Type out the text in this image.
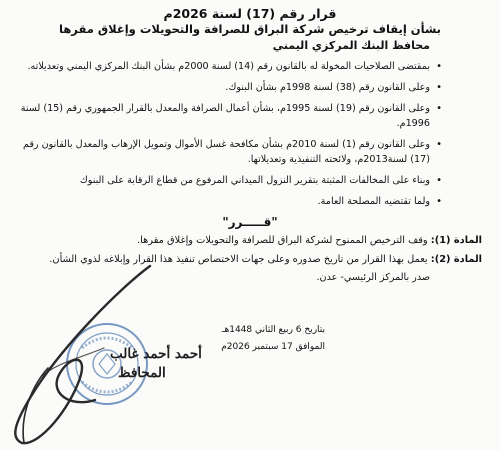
قرار رقم (17) لسنة 2026م
بشأن إيقاف ترخيص شركة البراق للصرافة والتحويلات وإغلاق مقرها
محافظ البنك المركزي اليمني
•
بمقتضى الصلاحيات المخولة له بالقانون رقم (14) لسنة 2000م بشأن البنك المركزي اليمني وتعديلاته.
•
وعلى القانون رقم (38) لسنة 1998م بشأن البنوك.
•
وعلى القانون رقم (19) لسنة 1995م، بشأن أعمال الصرافة والمعدل بالقرار الجمهوري رقم (15) لسنة 1996م.
•
وعلى القانون رقم (1) لسنة 2010م بشأن مكافحة غسل الأموال وتمويل الإرهاب والمعدل بالقانون رقم (17) لسنة2013م، ولائحته التنفيذية وتعديلاتها.
•
وبناء على المخالفات المثبتة بتقرير النزول الميداني المرفوع من قطاع الرقابة على البنوك
•
ولما تقتضيه المصلحة العامة.
"قـــــرر"
المادة (1): وقف الترخيص الممنوح لشركة البراق للصرافة والتحويلات وإغلاق مقرها.
المادة (2): يعمل بهذا القرار من تاريخ صدوره وعلى جهات الاختصاص تنفيذ هذا القرار وإبلاغه لذوي الشأن.
صدر بالمركز الرئيسي- عدن.
بتاريخ 6 ربيع الثاني 1448هـ
الموافق 17 سبتمبر 2026م
أحمد أحمد غالب
المحافظ
